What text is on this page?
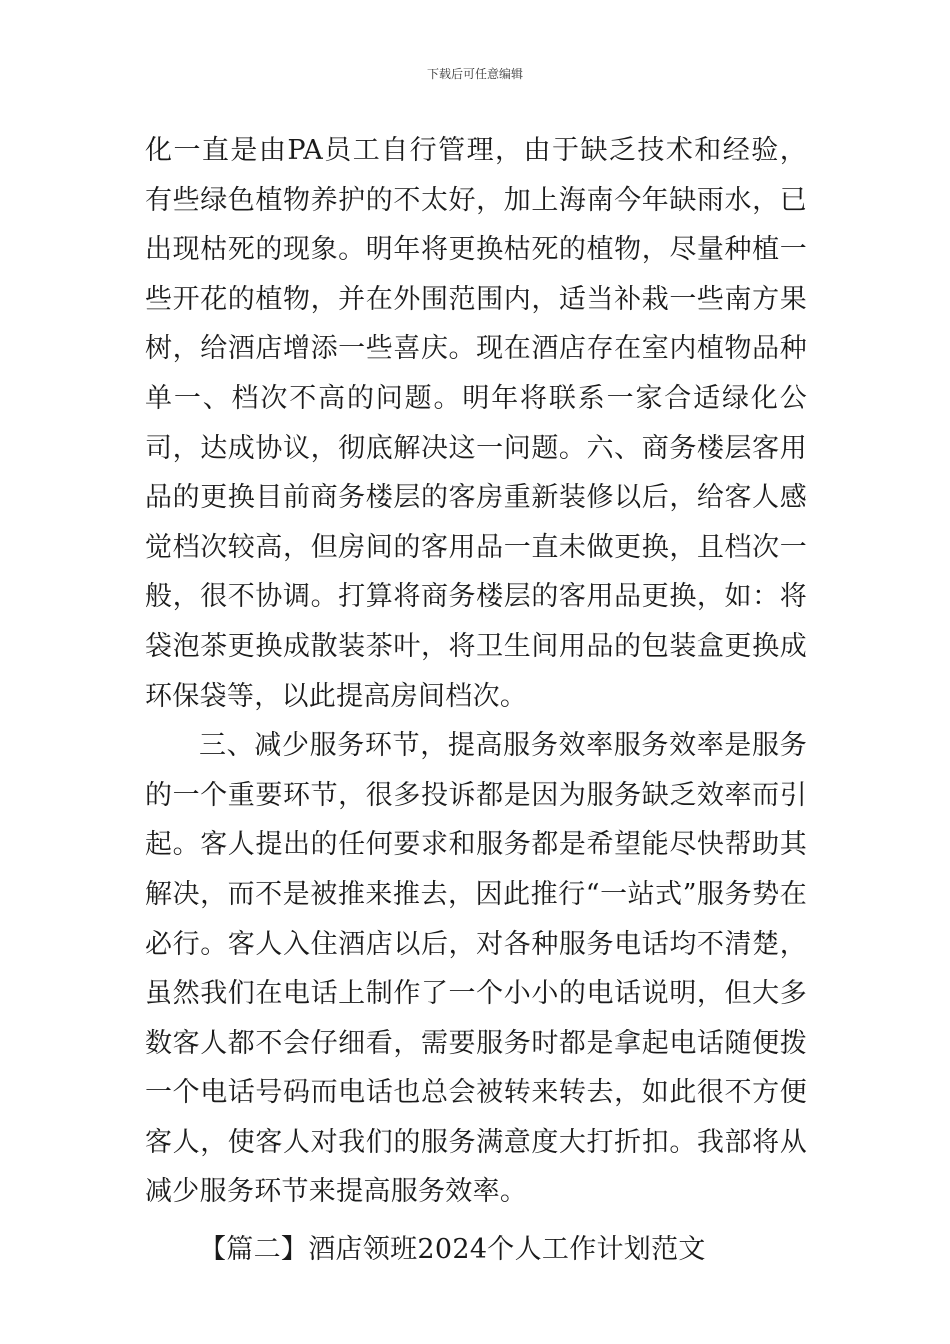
下载后可任意编辑

化一直是由PA员工自行管理，由于缺乏技术和经验，有些绿色植物养护的不太好，加上海南今年缺雨水，已出现枯死的现象。明年将更换枯死的植物，尽量种植一些开花的植物，并在外围范围内，适当补栽一些南方果树，给酒店增添一些喜庆。现在酒店存在室内植物品种单一、档次不高的问题。明年将联系一家合适绿化公司，达成协议，彻底解决这一问题。六、商务楼层客用品的更换目前商务楼层的客房重新装修以后，给客人感觉档次较高，但房间的客用品一直未做更换，且档次一般，很不协调。打算将商务楼层的客用品更换，如：将袋泡茶更换成散装茶叶，将卫生间用品的包装盒更换成环保袋等，以此提高房间档次。

三、减少服务环节，提高服务效率服务效率是服务的一个重要环节，很多投诉都是因为服务缺乏效率而引起。客人提出的任何要求和服务都是希望能尽快帮助其解决，而不是被推来推去，因此推行“一站式”服务势在必行。客人入住酒店以后，对各种服务电话均不清楚，虽然我们在电话上制作了一个小小的电话说明，但大多数客人都不会仔细看，需要服务时都是拿起电话随便拨一个电话号码而电话也总会被转来转去，如此很不方便客人，使客人对我们的服务满意度大打折扣。我部将从减少服务环节来提高服务效率。

【篇二】酒店领班2024个人工作计划范文
